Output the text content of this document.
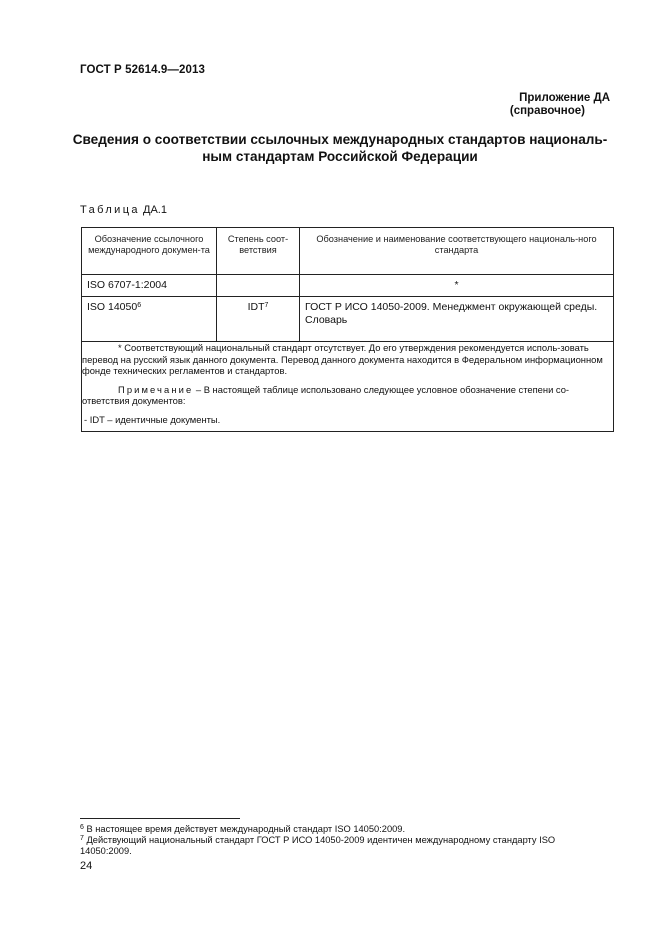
ГОСТ Р 52614.9—2013
Приложение ДА
(справочное)
Сведения о соответствии ссылочных международных стандартов националь-
ным стандартам Российской Федерации
Таблица ДА.1
Обозначение ссылочного международного докумен-та	Степень соот-ветствия	Обозначение и наименование соответствующего националь-ного стандарта

ISO 6707-1:2004		*

ISO 14050$^6$	IDT$^7$	ГОСТ Р ИСО 14050-2009. Менеджмент окружающей среды. Словарь

* Соответствующий национальный стандарт отсутствует. До его утверждения рекомендуется исполь-зовать перевод на русский язык данного документа. Перевод данного документа находится в Федеральном информационном фонде технических регламентов и стандартов.

Примечание – В настоящей таблице использовано следующее условное обозначение степени со-ответствия документов:

- IDT – идентичные документы.		

$^6$ В настоящее время действует международный стандарт ISO 14050:2009.
$^7$ Действующий национальный стандарт ГОСТ Р ИСО 14050-2009 идентичен международному стандарту ISO 14050:2009.
24
